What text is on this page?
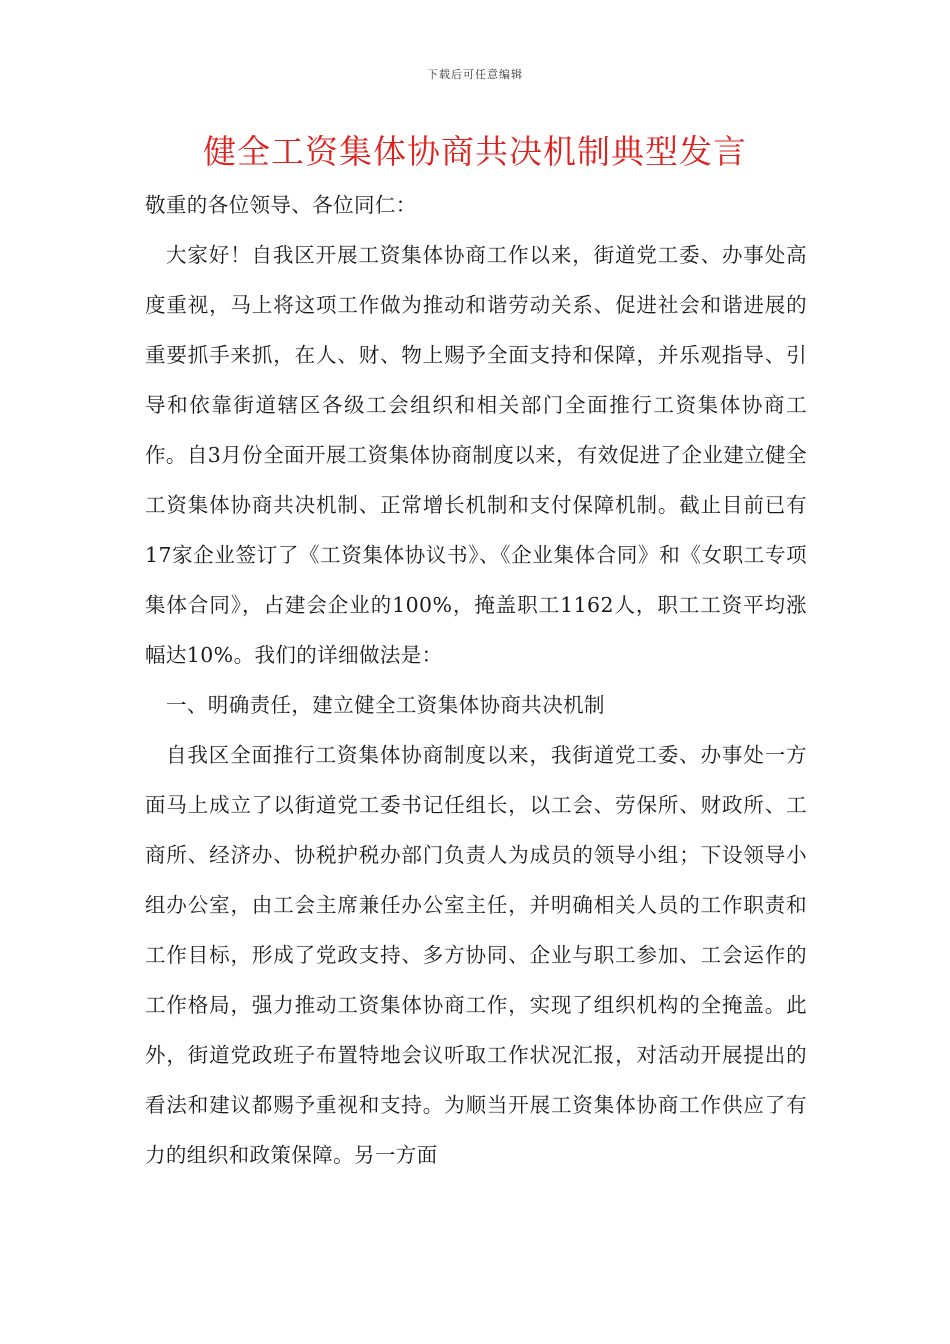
下载后可任意编辑
健全工资集体协商共决机制典型发言

敬重的各位领导、各位同仁：

大家好！自我区开展工资集体协商工作以来，街道党工委、办事处高度重视，马上将这项工作做为推动和谐劳动关系、促进社会和谐进展的重要抓手来抓，在人、财、物上赐予全面支持和保障，并乐观指导、引导和依靠街道辖区各级工会组织和相关部门全面推行工资集体协商工作。自3月份全面开展工资集体协商制度以来，有效促进了企业建立健全工资集体协商共决机制、正常增长机制和支付保障机制。截止目前已有17家企业签订了《工资集体协议书》、《企业集体合同》和《女职工专项集体合同》，占建会企业的100%，掩盖职工1162人，职工工资平均涨幅达10%。我们的详细做法是：

一、明确责任，建立健全工资集体协商共决机制

自我区全面推行工资集体协商制度以来，我街道党工委、办事处一方面马上成立了以街道党工委书记任组长，以工会、劳保所、财政所、工商所、经济办、协税护税办部门负责人为成员的领导小组；下设领导小组办公室，由工会主席兼任办公室主任，并明确相关人员的工作职责和工作目标，形成了党政支持、多方协同、企业与职工参加、工会运作的工作格局，强力推动工资集体协商工作，实现了组织机构的全掩盖。此外，街道党政班子布置特地会议听取工作状况汇报，对活动开展提出的看法和建议都赐予重视和支持。为顺当开展工资集体协商工作供应了有力的组织和政策保障。另一方面
